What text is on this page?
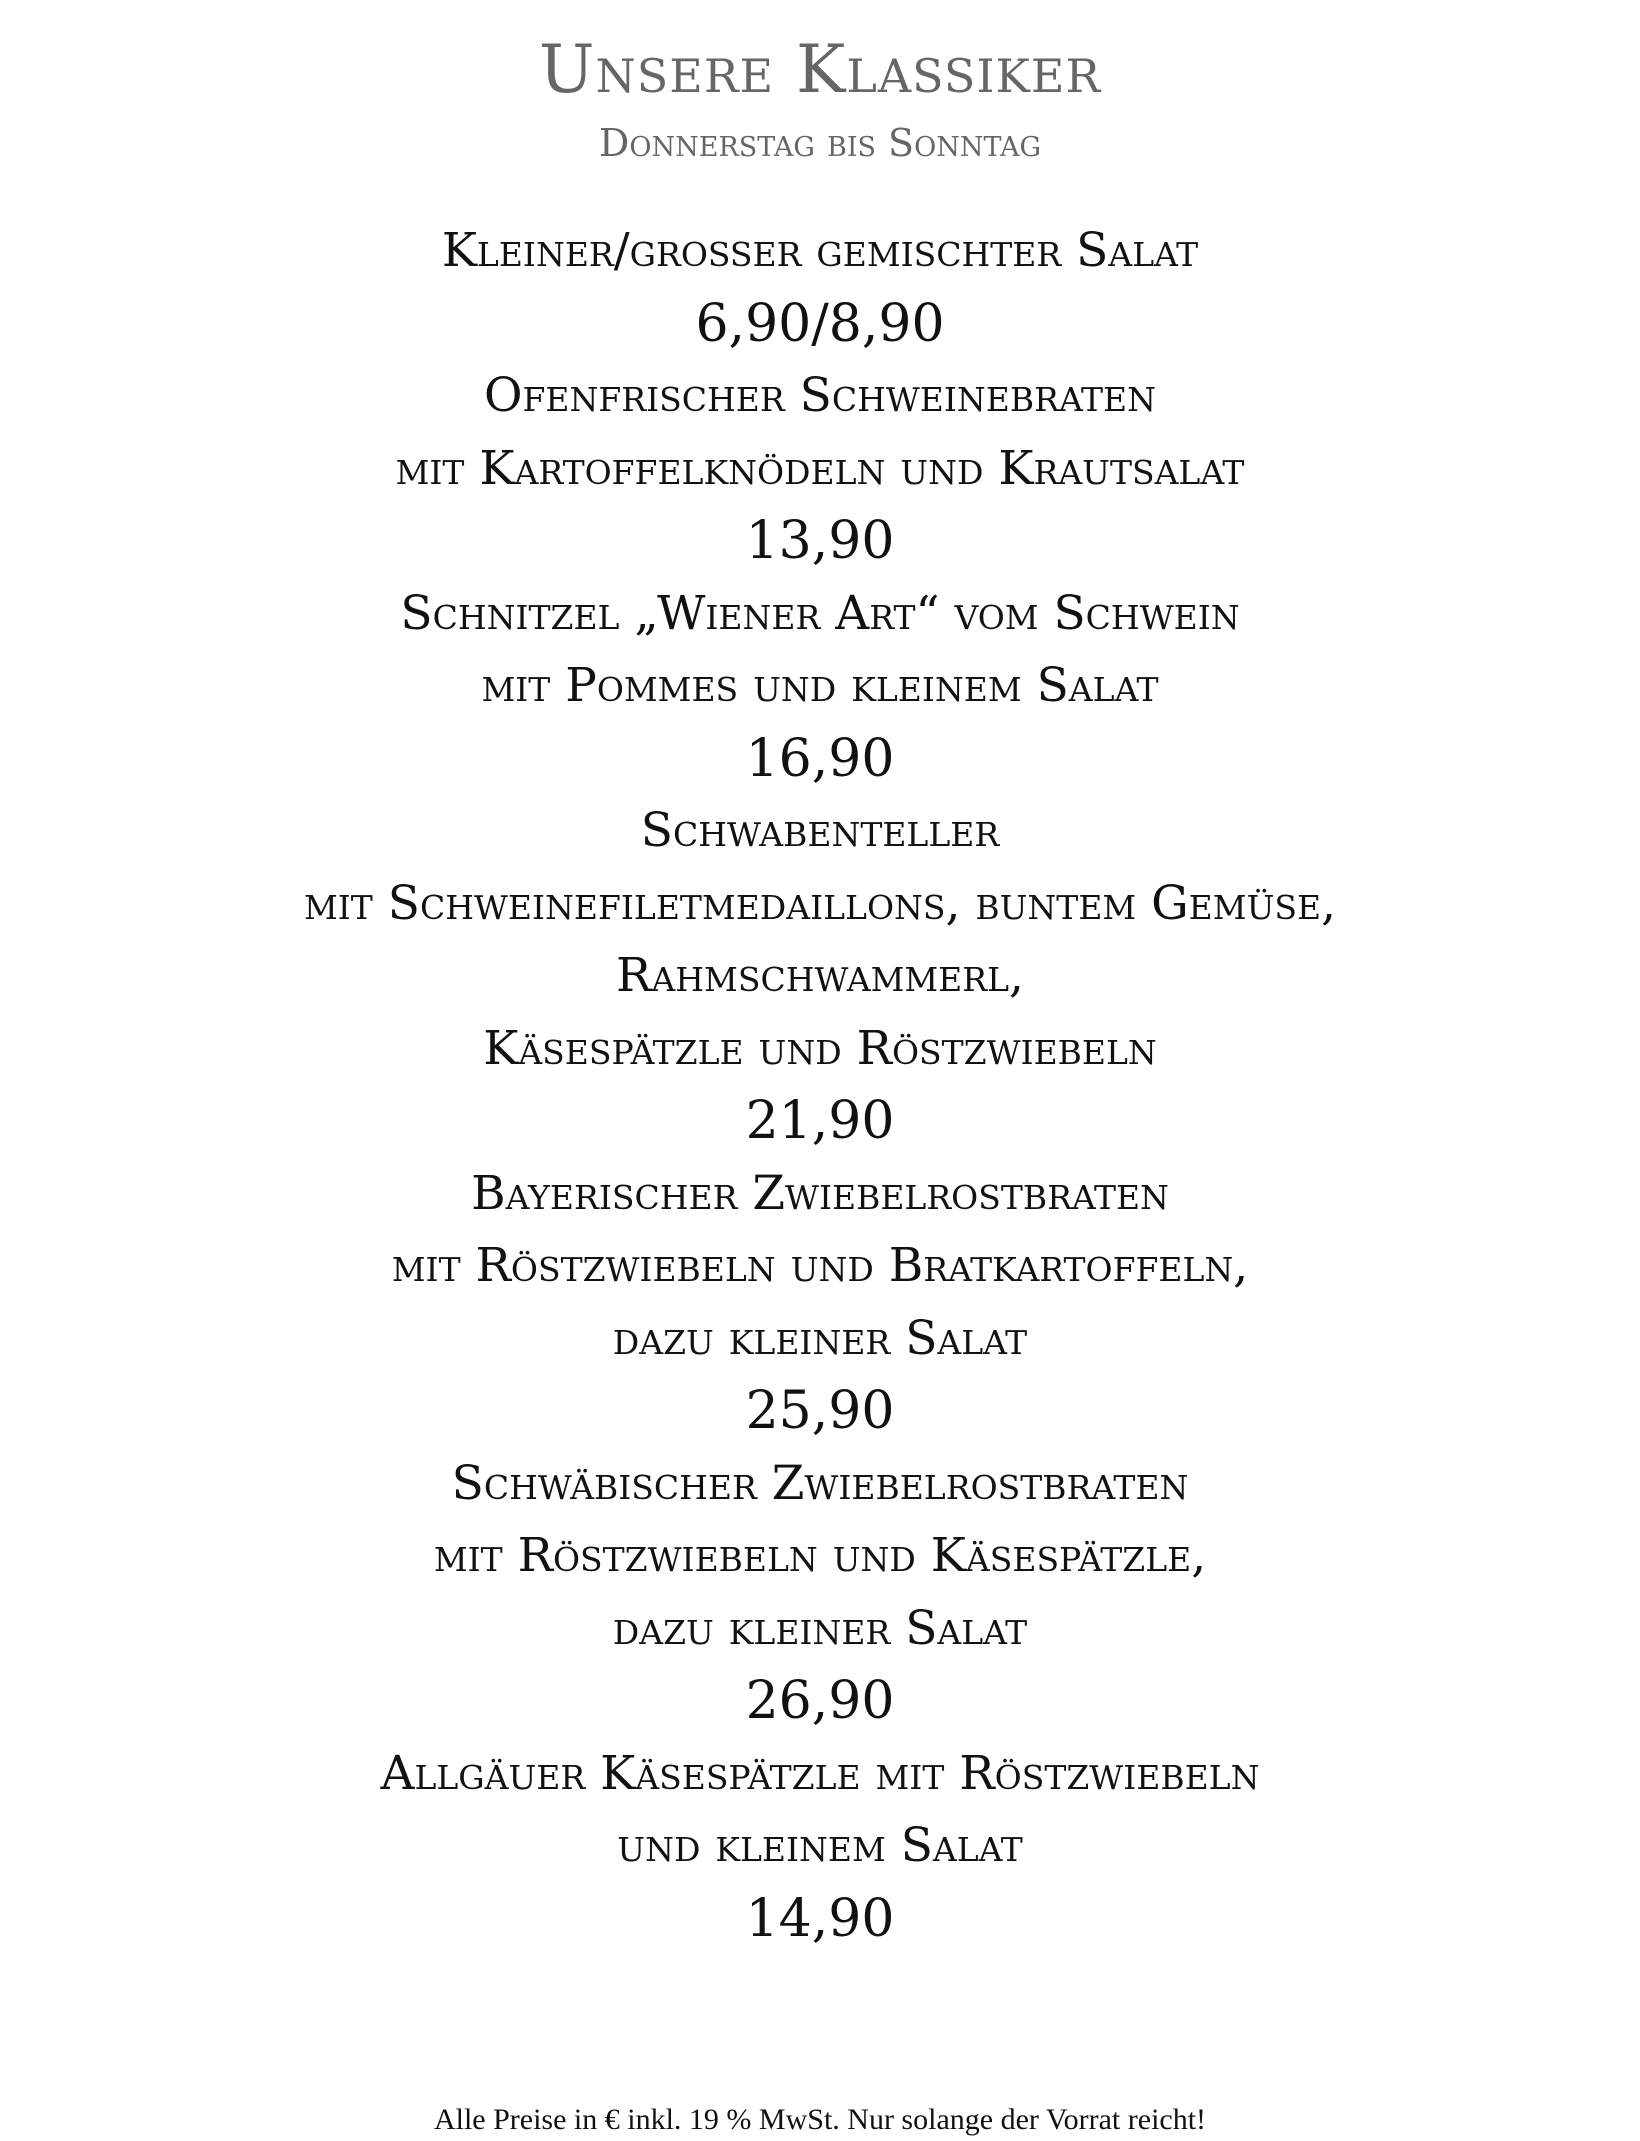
Unsere Klassiker
Donnerstag bis Sonntag
Kleiner/grosser gemischter Salat
6,90/8,90
Ofenfrischer Schweinebraten
mit Kartoffelknödeln und Krautsalat
13,90
Schnitzel „Wiener Art“ vom Schwein
mit Pommes und kleinem Salat
16,90
Schwabenteller
mit Schweinefiletmedaillons, buntem Gemüse,
Rahmschwammerl,
Käsespätzle und Röstzwiebeln
21,90
Bayerischer Zwiebelrostbraten
mit Röstzwiebeln und Bratkartoffeln,
dazu kleiner Salat
25,90
Schwäbischer Zwiebelrostbraten
mit Röstzwiebeln und Käsespätzle,
dazu kleiner Salat
26,90
Allgäuer Käsespätzle mit Röstzwiebeln
und kleinem Salat
14,90
Alle Preise in € inkl. 19 % MwSt. Nur solange der Vorrat reicht!
